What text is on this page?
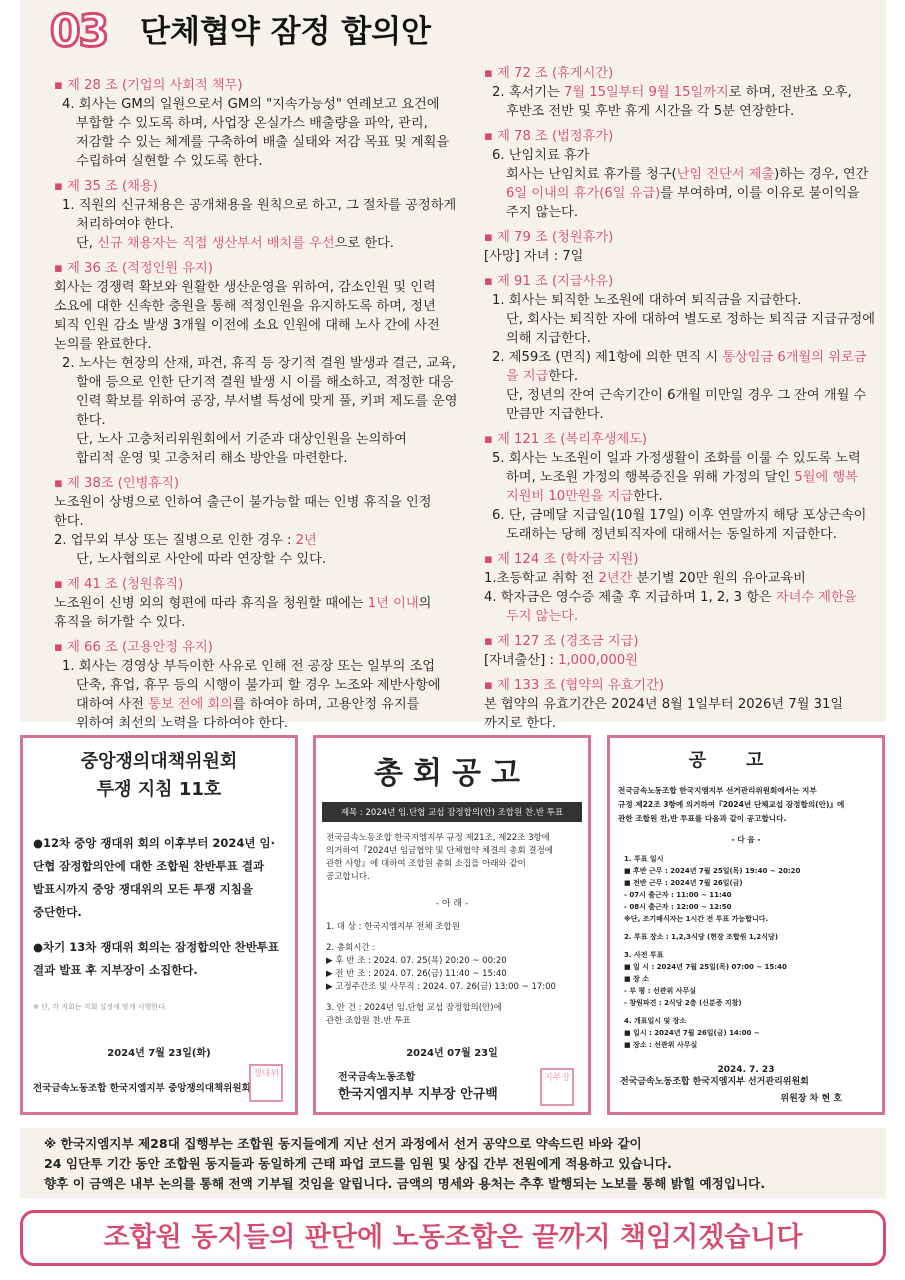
03 단체협약 잠정 합의안
▪ 제 28 조 (기업의 사회적 책무)
4. 회사는 GM의 일원으로서 GM의 "지속가능성" 연례보고 요건에
부합할 수 있도록 하며, 사업장 온실가스 배출량을 파악, 관리,
저감할 수 있는 체계를 구축하여 배출 실태와 저감 목표 및 계획을
수립하여 실현할 수 있도록 한다.
▪ 제 35 조 (채용)
1. 직원의 신규채용은 공개채용을 원칙으로 하고, 그 절차를 공정하게
처리하여야 한다.
단, 신규 채용자는 직접 생산부서 배치를 우선으로 한다.
▪ 제 36 조 (적정인원 유지)
회사는 경쟁력 확보와 원활한 생산운영을 위하여, 감소인원 및 인력
소요에 대한 신속한 충원을 통해 적정인원을 유지하도록 하며, 정년
퇴직 인원 감소 발생 3개월 이전에 소요 인원에 대해 노사 간에 사전
논의를 완료한다.
2. 노사는 현장의 산재, 파견, 휴직 등 장기적 결원 발생과 결근, 교육,
할애 등으로 인한 단기적 결원 발생 시 이를 해소하고, 적정한 대응
인력 확보를 위하여 공장, 부서별 특성에 맞게 풀, 키퍼 제도를 운영
한다.
단, 노사 고충처리위원회에서 기준과 대상인원을 논의하여
합리적 운영 및 고충처리 해소 방안을 마련한다.
▪ 제 38조 (인병휴직)
노조원이 상병으로 인하여 출근이 불가능할 때는 인병 휴직을 인정
한다.
2. 업무외 부상 또는 질병으로 인한 경우 : 2년
단, 노사협의로 사안에 따라 연장할 수 있다.
▪ 제 41 조 (청원휴직)
노조원이 신병 외의 형편에 따라 휴직을 청원할 때에는 1년 이내의
휴직을 허가할 수 있다.
▪ 제 66 조 (고용안정 유지)
1. 회사는 경영상 부득이한 사유로 인해 전 공장 또는 일부의 조업
단축, 휴업, 휴무 등의 시행이 불가피 할 경우 노조와 제반사항에
대하여 사전 통보 전에 회의를 하여야 하며, 고용안정 유지를
위하여 최선의 노력을 다하여야 한다.
▪ 제 72 조 (휴게시간)
2. 혹서기는 7월 15일부터 9월 15일까지로 하며, 전반조 오후,
후반조 전반 및 후반 휴게 시간을 각 5분 연장한다.
▪ 제 78 조 (법정휴가)
6. 난임치료 휴가
회사는 난임치료 휴가를 청구(난임 진단서 제출)하는 경우, 연간
6일 이내의 휴가(6일 유급)를 부여하며, 이를 이유로 불이익을
주지 않는다.
▪ 제 79 조 (청원휴가)
[사망] 자녀 : 7일
▪ 제 91 조 (지급사유)
1. 회사는 퇴직한 노조원에 대하여 퇴직금을 지급한다.
단, 회사는 퇴직한 자에 대하여 별도로 정하는 퇴직금 지급규정에
의해 지급한다.
2. 제59조 (면직) 제1항에 의한 면직 시 통상임금 6개월의 위로금
을 지급한다.
단, 정년의 잔여 근속기간이 6개월 미만일 경우 그 잔여 개월 수
만큼만 지급한다.
▪ 제 121 조 (복리후생제도)
5. 회사는 노조원이 일과 가정생활이 조화를 이룰 수 있도록 노력
하며, 노조원 가정의 행복증진을 위해 가정의 달인 5월에 행복
지원비 10만원을 지급한다.
6. 단, 금메달 지급일(10월 17일) 이후 연말까지 해당 포상근속이
도래하는 당해 정년퇴직자에 대해서는 동일하게 지급한다.
▪ 제 124 조 (학자금 지원)
1.초등학교 취학 전 2년간 분기별 20만 원의 유아교육비
4. 학자금은 영수증 제출 후 지급하며 1, 2, 3 항은 자녀수 제한을
두지 않는다.
▪ 제 127 조 (경조금 지급)
[자녀출산] : 1,000,000원
▪ 제 133 조 (협약의 유효기간)
본 협약의 유효기간은 2024년 8월 1일부터 2026년 7월 31일
까지로 한다.
중앙쟁의대책위원회
투쟁 지침 11호

●12차 중앙 쟁대위 회의 이후부터 2024년 임·
단협 잠정합의안에 대한 조합원 찬반투표 결과
발표시까지 중앙 쟁대위의 모든 투쟁 지침을
중단한다.

●차기 13차 쟁대위 회의는 잠정합의안 찬반투표
결과 발표 후 지부장이 소집한다.

※ 단, 각 지회는 지회 실정에 맞게 시행한다.
2024년 7월 23일(화)
전국금속노동조합 한국지엠지부 중앙쟁의대책위원회
쟁대위
총회공고
제목 : 2024년 임.단협 교섭 잠정합의(안) 조합원 찬.반 투표
전국금속노동조합 한국지엠지부 규정 제21조, 제22조 3항에
의거하여『2024년 임금협약 및 단체협약 체결의 총회 결정에
관한 사항』에 대하여 조합원 총회 소집을 아래와 같이
공고합니다.
- 아 래 -
1. 대 상 : 한국지엠지부 전체 조합원
2. 총회시간 :
▶ 후 반 조 : 2024. 07. 25(목) 20:20 ~ 00:20
▶ 전 반 조 : 2024. 07. 26(금) 11:40 ~ 15:40
▶ 고정주간조 및 사무직 : 2024. 07. 26(금) 13:00 ~ 17:00
3. 안 건 : 2024년 임.단협 교섭 잠정합의(안)에
관한 조합원 찬.반 투표
2024년 07월 23일
전국금속노동조합
한국지엠지부 지부장 안규백
지부장
공고
전국금속노동조합 한국지엠지부 선거관리위원회에서는 지부
규정 제22조 3항에 의거하여『2024년 단체교섭 잠정합의(안)』에
관한 조합원 찬,반 투표를 다음과 같이 공고합니다.
- 다 음 -
1. 투표 일시
■ 후반 근무 : 2024년 7월 25일(목) 19:40 ~ 20:20
■ 전반 근무 : 2024년 7월 26일(금)
- 07시 출근자 : 11:00 ~ 11:40
- 08시 출근자 : 12:00 ~ 12:50
※단, 조기배식자는 1시간 전 투표 가능합니다.
2. 투표 장소 : 1,2,3식당 (현장 조합원 1,2식당)
3. 사전 투표
■ 일 시 : 2024년 7월 25일(목) 07:00 ~ 15:40
■ 장 소
- 부 평 : 선관위 사무실
- 창원파견 : 2식당 2층 (신분증 지참)
4. 개표일시 및 장소
■ 일시 : 2024년 7월 26일(금) 14:00 ~
■ 장소 : 선관위 사무실
2024. 7. 23
전국금속노동조합 한국지엠지부 선거관리위원회
위원장 차 현 호
※ 한국지엠지부 제28대 집행부는 조합원 동지들에게 지난 선거 과정에서 선거 공약으로 약속드린 바와 같이
24 임단투 기간 동안 조합원 동지들과 동일하게 근태 파업 코드를 임원 및 상집 간부 전원에게 적용하고 있습니다.
향후 이 금액은 내부 논의를 통해 전액 기부될 것임을 알립니다. 금액의 명세와 용처는 추후 발행되는 노보를 통해 밝힐 예정입니다.
조합원 동지들의 판단에 노동조합은 끝까지 책임지겠습니다
